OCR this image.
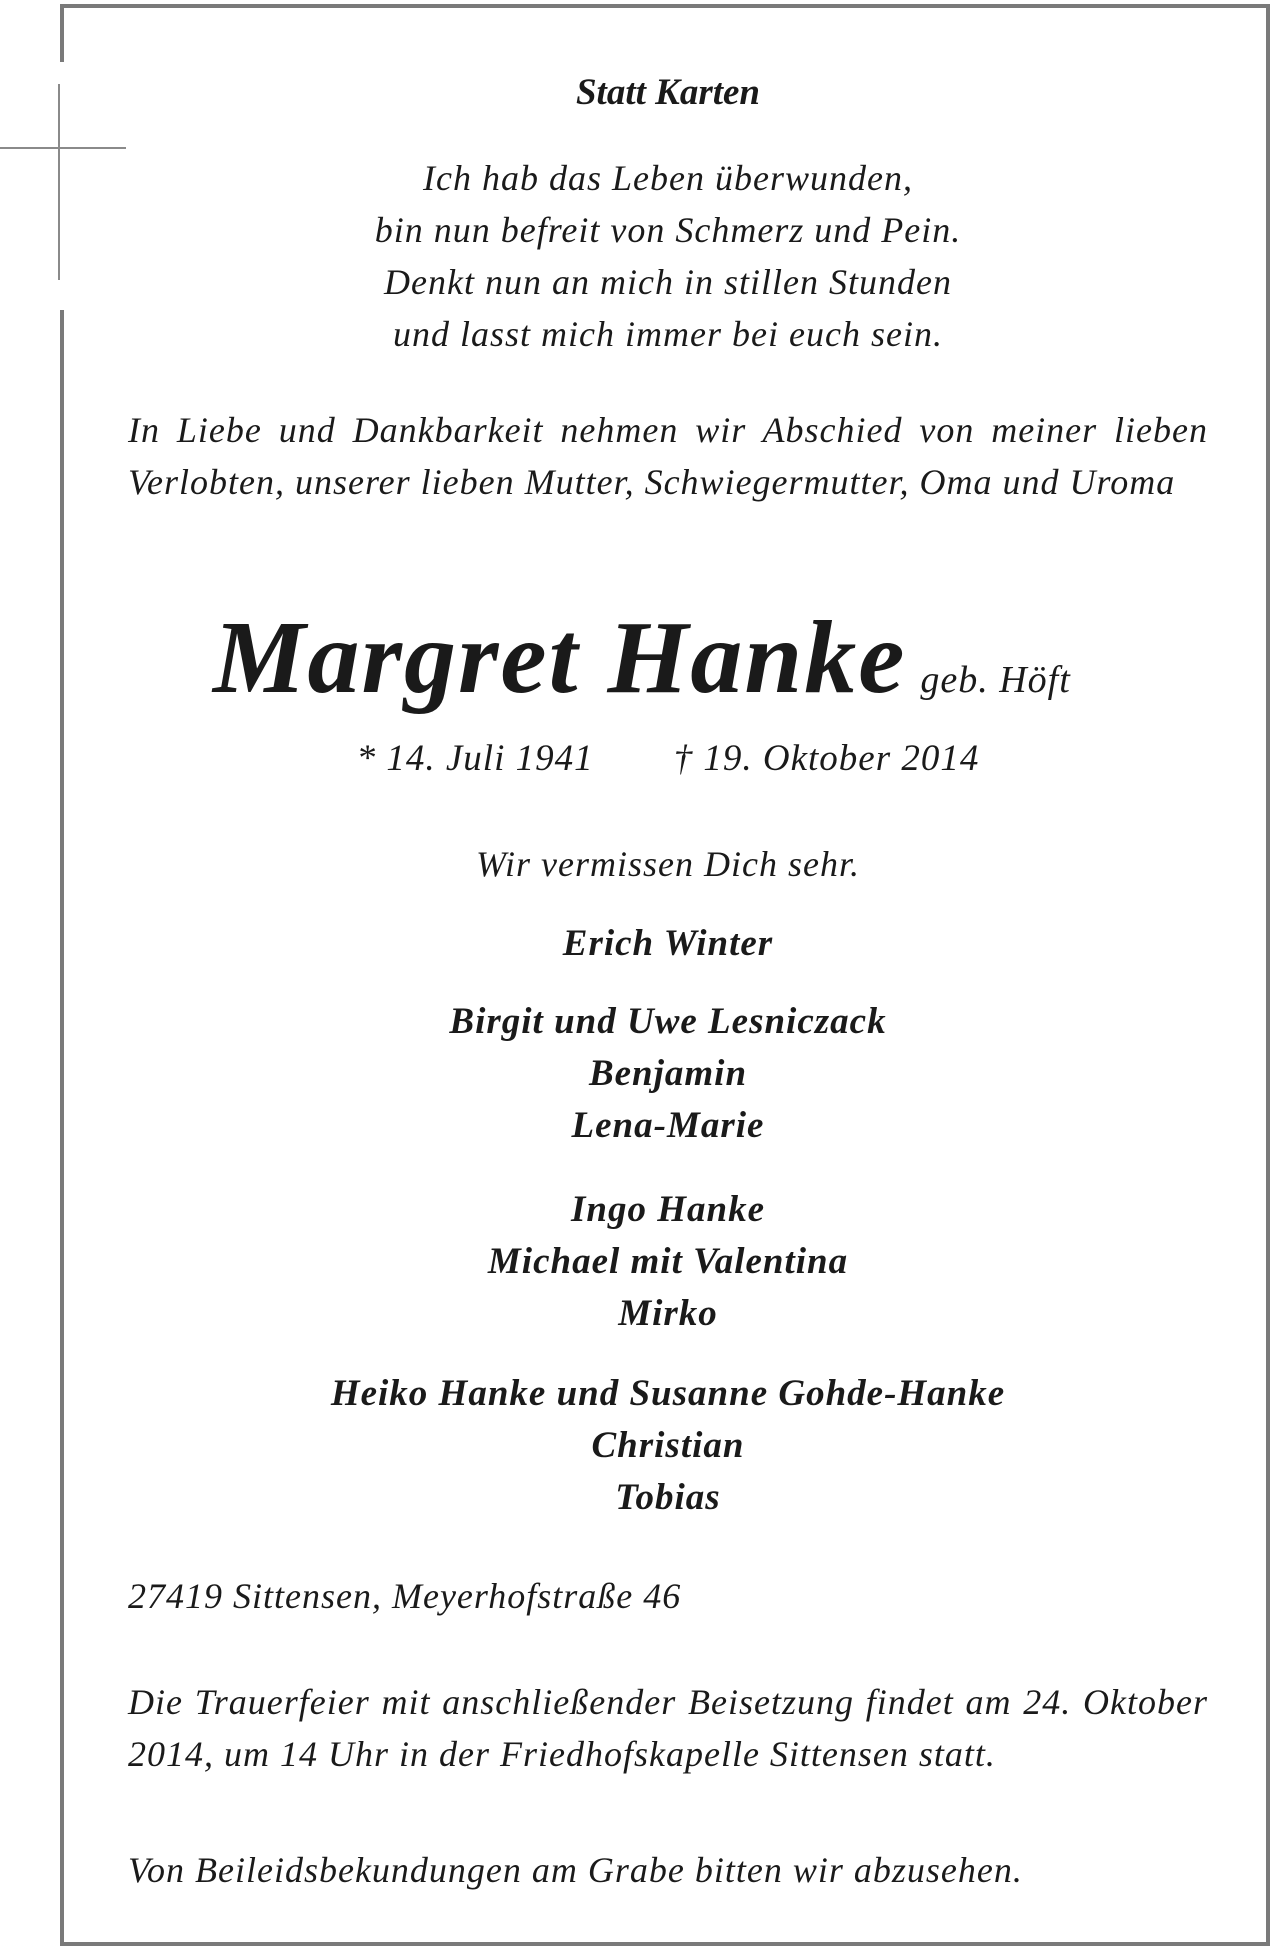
Statt Karten
Ich hab das Leben überwunden,
bin nun befreit von Schmerz und Pein.
Denkt nun an mich in stillen Stunden
und lasst mich immer bei euch sein.
In Liebe und Dankbarkeit nehmen wir Abschied von meiner lieben Verlobten, unserer lieben Mutter, Schwiegermutter, Oma und Uroma
Margret Hanke geb. Höft
* 14. Juli 1941 † 19. Oktober 2014
Wir vermissen Dich sehr.
Erich Winter
Birgit und Uwe Lesniczack
Benjamin
Lena-Marie
Ingo Hanke
Michael mit Valentina
Mirko
Heiko Hanke und Susanne Gohde-Hanke
Christian
Tobias
27419 Sittensen, Meyerhofstraße 46
Die Trauerfeier mit anschließender Beisetzung findet am 24. Oktober 2014, um 14 Uhr in der Friedhofskapelle Sittensen statt.
Von Beileidsbekundungen am Grabe bitten wir abzusehen.
